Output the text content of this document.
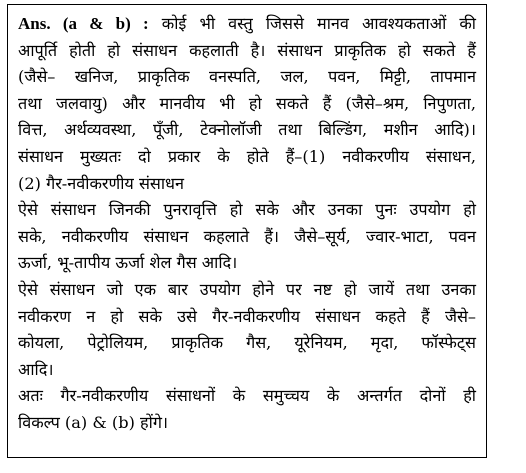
Ans. (a & b) : कोई भी वस्तु जिससे मानव आवश्यकताओं की
आपूर्ति होती हो संसाधन कहलाती है। संसाधन प्राकृतिक हो सकते हैं
(जैसे– खनिज, प्राकृतिक वनस्पति, जल, पवन, मिट्टी, तापमान
तथा जलवायु) और मानवीय भी हो सकते हैं (जैसे–श्रम, निपुणता,
वित्त, अर्थव्यवस्था, पूँजी, टेक्नोलॉजी तथा बिल्डिंग, मशीन आदि)।
संसाधन मुख्यतः दो प्रकार के होते हैं–(1) नवीकरणीय संसाधन,
(2) गैर-नवीकरणीय संसाधन
ऐसे संसाधन जिनकी पुनरावृत्ति हो सके और उनका पुनः उपयोग हो
सके, नवीकरणीय संसाधन कहलाते हैं। जैसे–सूर्य, ज्वार-भाटा, पवन
ऊर्जा, भू-तापीय ऊर्जा शेल गैस आदि।
ऐसे संसाधन जो एक बार उपयोग होने पर नष्ट हो जायें तथा उनका
नवीकरण न हो सके उसे गैर-नवीकरणीय संसाधन कहते हैं जैसे–
कोयला, पेट्रोलियम, प्राकृतिक गैस, यूरेनियम, मृदा, फॉस्फेट्स
आदि।
अतः गैर-नवीकरणीय संसाधनों के समुच्चय के अन्तर्गत दोनों ही
विकल्प (a) & (b) होंगे।
